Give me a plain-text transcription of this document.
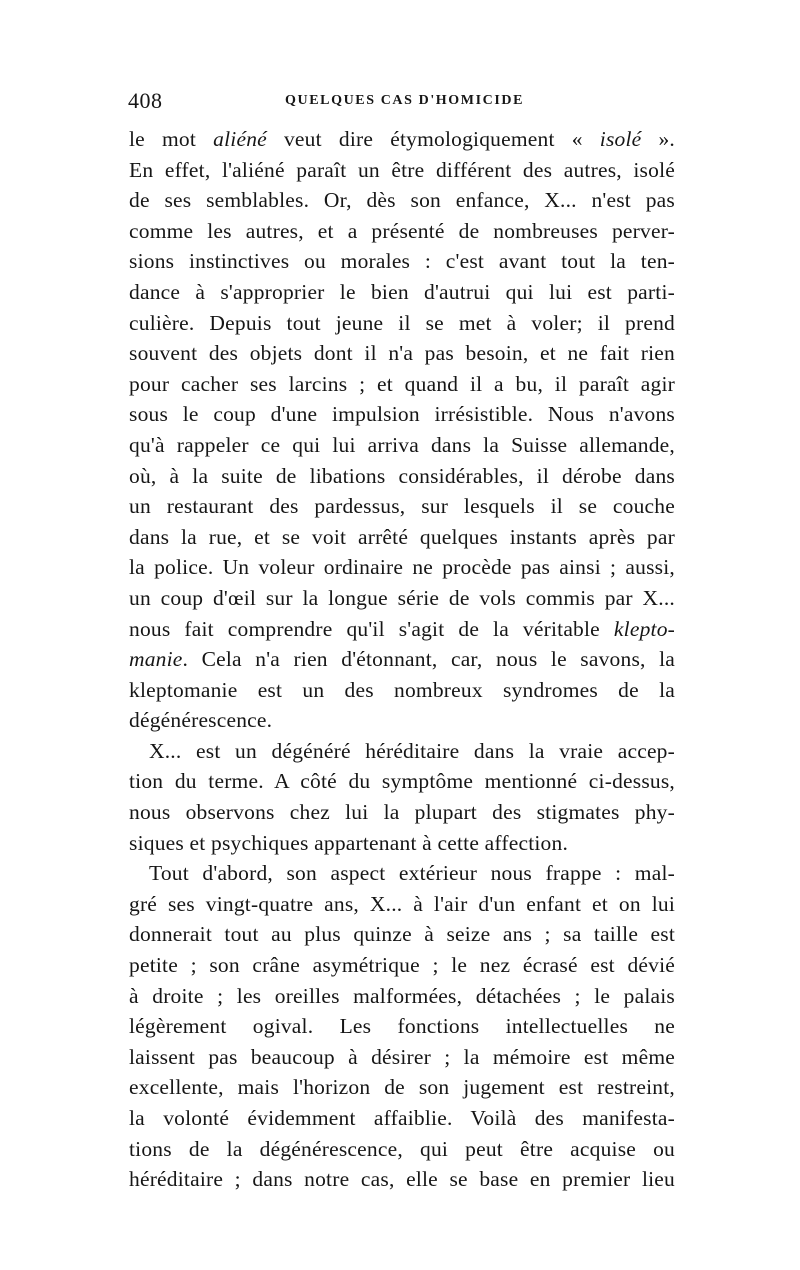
408	QUELQUES CAS D'HOMICIDE
le mot aliéné veut dire étymologiquement « isolé ».
En effet, l'aliéné paraît un être différent des autres, isolé
de ses semblables. Or, dès son enfance, X... n'est pas
comme les autres, et a présenté de nombreuses perver-
sions instinctives ou morales : c'est avant tout la ten-
dance à s'approprier le bien d'autrui qui lui est parti-
culière. Depuis tout jeune il se met à voler; il prend
souvent des objets dont il n'a pas besoin, et ne fait rien
pour cacher ses larcins ; et quand il a bu, il paraît agir
sous le coup d'une impulsion irrésistible. Nous n'avons
qu'à rappeler ce qui lui arriva dans la Suisse allemande,
où, à la suite de libations considérables, il dérobe dans
un restaurant des pardessus, sur lesquels il se couche
dans la rue, et se voit arrêté quelques instants après par
la police. Un voleur ordinaire ne procède pas ainsi ; aussi,
un coup d'œil sur la longue série de vols commis par X...
nous fait comprendre qu'il s'agit de la véritable klepto-
manie. Cela n'a rien d'étonnant, car, nous le savons, la
kleptomanie est un des nombreux syndromes de la
dégénérescence.
X... est un dégénéré héréditaire dans la vraie accep-
tion du terme. A côté du symptôme mentionné ci-dessus,
nous observons chez lui la plupart des stigmates phy-
siques et psychiques appartenant à cette affection.
Tout d'abord, son aspect extérieur nous frappe : mal-
gré ses vingt-quatre ans, X... à l'air d'un enfant et on lui
donnerait tout au plus quinze à seize ans ; sa taille est
petite ; son crâne asymétrique ; le nez écrasé est dévié
à droite ; les oreilles malformées, détachées ; le palais
légèrement ogival. Les fonctions intellectuelles ne
laissent pas beaucoup à désirer ; la mémoire est même
excellente, mais l'horizon de son jugement est restreint,
la volonté évidemment affaiblie. Voilà des manifesta-
tions de la dégénérescence, qui peut être acquise ou
héréditaire ; dans notre cas, elle se base en premier lieu
